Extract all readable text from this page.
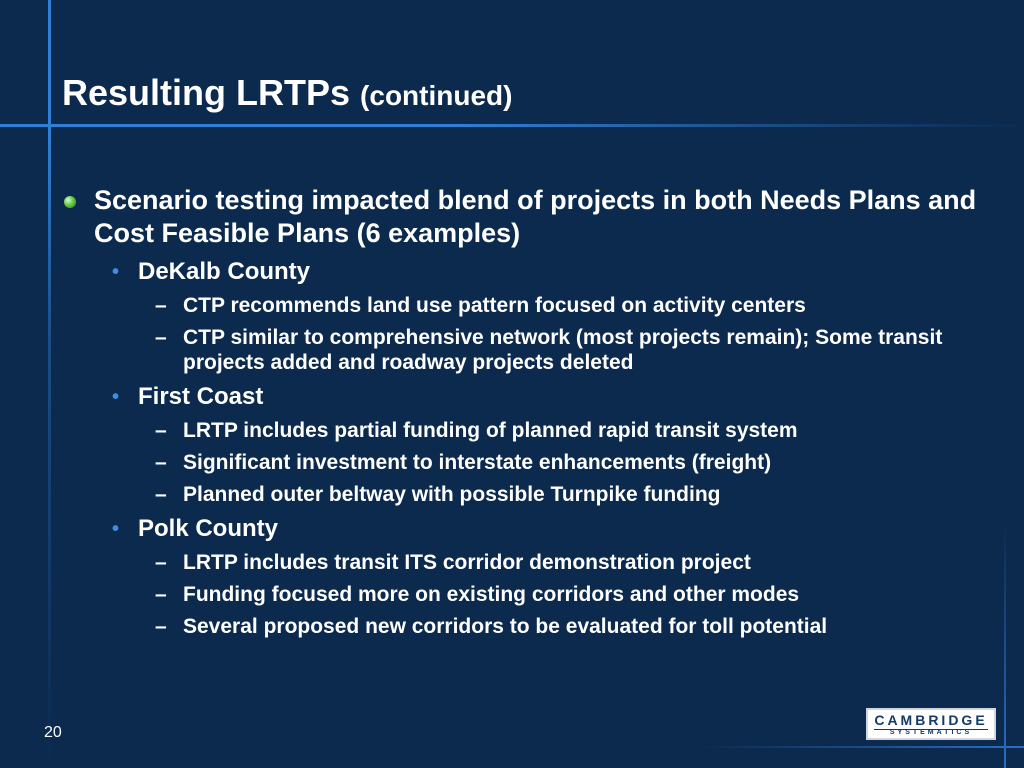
Resulting LRTPs (continued)
Scenario testing impacted blend of projects in both Needs Plans and Cost Feasible Plans (6 examples)
• DeKalb County
– CTP recommends land use pattern focused on activity centers
– CTP similar to comprehensive network (most projects remain); Some transit projects added and roadway projects deleted
• First Coast
– LRTP includes partial funding of planned rapid transit system
– Significant investment to interstate enhancements (freight)
– Planned outer beltway with possible Turnpike funding
• Polk County
– LRTP includes transit ITS corridor demonstration project
– Funding focused more on existing corridors and other modes
– Several proposed new corridors to be evaluated for toll potential
20
CAMBRIDGE
SYSTEMATICS
